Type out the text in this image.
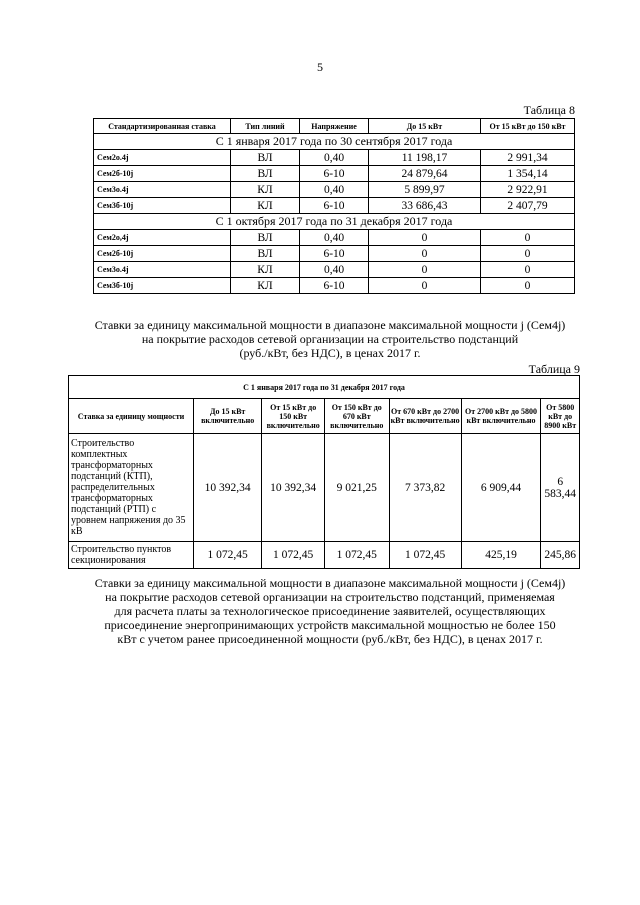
5
Таблица 8
Стандартизированная ставка	Тип линий	Напряжение	До 15 кВт	От 15 кВт до 150 кВт
С 1 января 2017 года по 30 сентября 2017 года				
Сем2о.4j	ВЛ	0,40	11 198,17	2 991,34
Сем2б-10j	ВЛ	6-10	24 879,64	1 354,14
Сем3о.4j	КЛ	0,40	5 899,97	2 922,91
Сем3б-10j	КЛ	6-10	33 686,43	2 407,79
С 1 октября 2017 года по 31 декабря 2017 года				
Сем2о,4j	ВЛ	0,40	0	0
Сем2б-10j	ВЛ	6-10	0	0
Сем3о.4j	КЛ	0,40	0	0
Сем3б-10j	КЛ	6-10	0	0
Ставки за единицу максимальной мощности в диапазоне максимальной мощности j (Сем4j)
на покрытие расходов сетевой организации на строительство подстанций
(руб./кВт, без НДС), в ценах 2017 г.
Таблица 9
С 1 января 2017 года по 31 декабря 2017 года						
Ставка за единицу мощности	До 15 кВт включительно	От 15 кВт до 150 кВт включительно	От 150 кВт до 670 кВт включительно	От 670 кВт до 2700 кВт включительно	От 2700 кВт до 5800 кВт включительно	От 5800 кВт до 8900 кВт
Строительство комплектных трансформаторных подстанций (КТП), распределительных трансформаторных подстанций (РТП) с уровнем напряжения до 35 кВ	10 392,34	10 392,34	9 021,25	7 373,82	6 909,44	6 583,44
Строительство пунктов секционирования	1 072,45	1 072,45	1 072,45	1 072,45	425,19	245,86
Ставки за единицу максимальной мощности в диапазоне максимальной мощности j (Сем4j)
на покрытие расходов сетевой организации на строительство подстанций, применяемая
для расчета платы за технологическое присоединение заявителей, осуществляющих
присоединение энергопринимающих устройств максимальной мощностью не более 150
кВт с учетом ранее присоединенной мощности (руб./кВт, без НДС), в ценах 2017 г.
